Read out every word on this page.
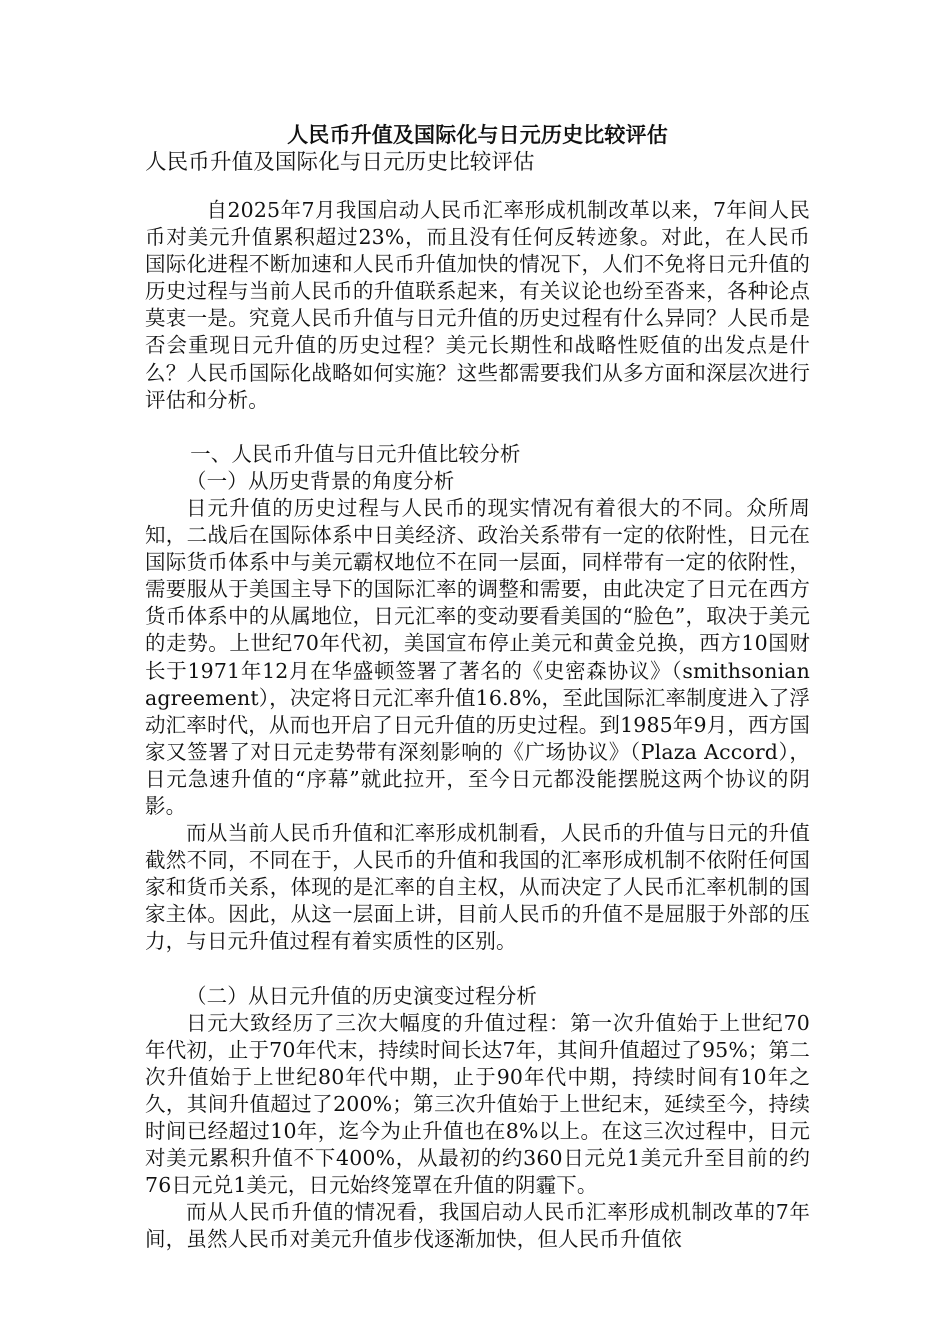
人民币升值及国际化与日元历史比较评估

人民币升值及国际化与日元历史比较评估

自2025年7月我国启动人民币汇率形成机制改革以来，7年间人民币对美元升值累积超过23%，而且没有任何反转迹象。对此，在人民币国际化进程不断加速和人民币升值加快的情况下，人们不免将日元升值的历史过程与当前人民币的升值联系起来，有关议论也纷至沓来，各种论点莫衷一是。究竟人民币升值与日元升值的历史过程有什么异同？人民币是否会重现日元升值的历史过程？美元长期性和战略性贬值的出发点是什么？人民币国际化战略如何实施？这些都需要我们从多方面和深层次进行评估和分析。

一、人民币升值与日元升值比较分析

（一）从历史背景的角度分析

日元升值的历史过程与人民币的现实情况有着很大的不同。众所周知，二战后在国际体系中日美经济、政治关系带有一定的依附性，日元在国际货币体系中与美元霸权地位不在同一层面，同样带有一定的依附性，需要服从于美国主导下的国际汇率的调整和需要，由此决定了日元在西方货币体系中的从属地位，日元汇率的变动要看美国的“脸色”，取决于美元的走势。上世纪70年代初，美国宣布停止美元和黄金兑换，西方10国财长于1971年12月在华盛顿签署了著名的《史密森协议》（smithsonian agreement），决定将日元汇率升值16.8%，至此国际汇率制度进入了浮动汇率时代，从而也开启了日元升值的历史过程。到1985年9月，西方国家又签署了对日元走势带有深刻影响的《广场协议》（Plaza Accord），日元急速升值的“序幕”就此拉开，至今日元都没能摆脱这两个协议的阴影。

而从当前人民币升值和汇率形成机制看，人民币的升值与日元的升值截然不同，不同在于，人民币的升值和我国的汇率形成机制不依附任何国家和货币关系，体现的是汇率的自主权，从而决定了人民币汇率机制的国家主体。因此，从这一层面上讲，目前人民币的升值不是屈服于外部的压力，与日元升值过程有着实质性的区别。

（二）从日元升值的历史演变过程分析

日元大致经历了三次大幅度的升值过程：第一次升值始于上世纪70年代初，止于70年代末，持续时间长达7年，其间升值超过了95%；第二次升值始于上世纪80年代中期，止于90年代中期，持续时间有10年之久，其间升值超过了200%；第三次升值始于上世纪末，延续至今，持续时间已经超过10年，迄今为止升值也在8%以上。在这三次过程中，日元对美元累积升值不下400%，从最初的约360日元兑1美元升至目前的约76日元兑1美元，日元始终笼罩在升值的阴霾下。

而从人民币升值的情况看，我国启动人民币汇率形成机制改革的7年间，虽然人民币对美元升值步伐逐渐加快，但人民币升值依
